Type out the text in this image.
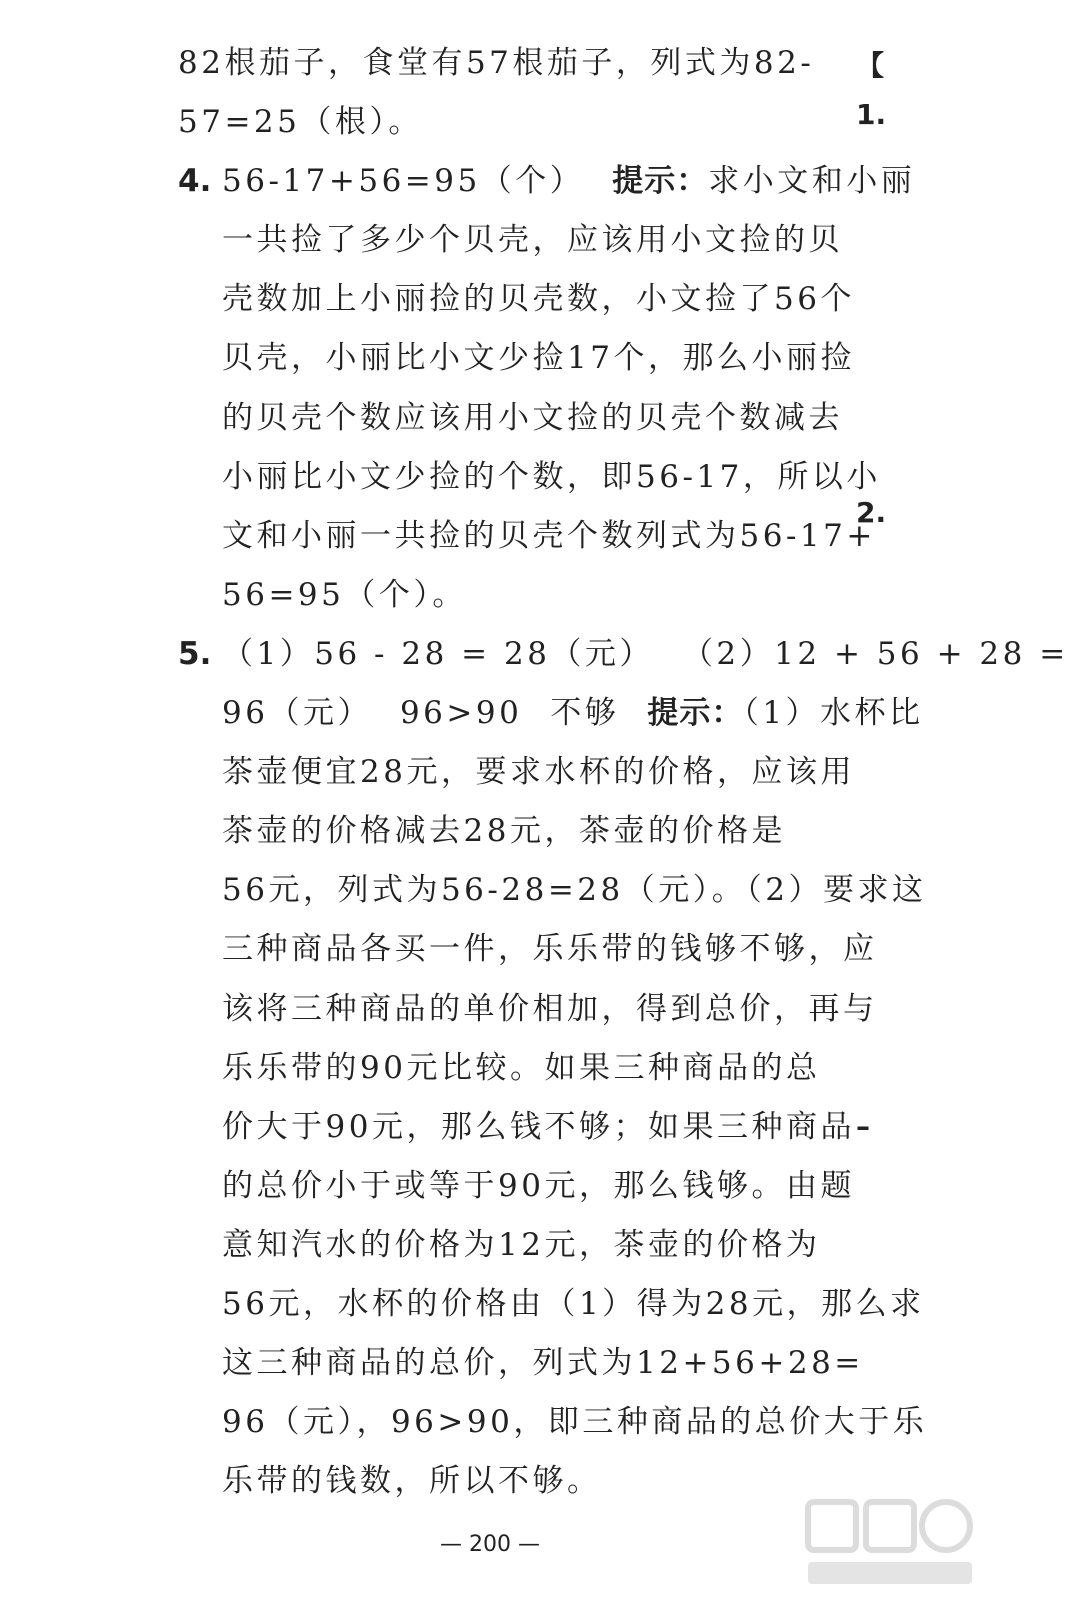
82根茄子，食堂有57根茄子，列式为82-
57=25（根）。
4. 56-17+56=95（个） 提示：求小文和小丽
一共捡了多少个贝壳，应该用小文捡的贝
壳数加上小丽捡的贝壳数，小文捡了56个
贝壳，小丽比小文少捡17个，那么小丽捡
的贝壳个数应该用小文捡的贝壳个数减去
小丽比小文少捡的个数，即56-17，所以小
文和小丽一共捡的贝壳个数列式为56-17+
56=95（个）。
5. （1）56 - 28 = 28（元） （2）12 + 56 + 28 =
96（元） 96>90 不够 提示：（1）水杯比
茶壶便宜28元，要求水杯的价格，应该用
茶壶的价格减去28元，茶壶的价格是
56元，列式为56-28=28（元）。（2）要求这
三种商品各买一件，乐乐带的钱够不够，应
该将三种商品的单价相加，得到总价，再与
乐乐带的90元比较。如果三种商品的总
价大于90元，那么钱不够；如果三种商品
的总价小于或等于90元，那么钱够。由题
意知汽水的价格为12元，茶壶的价格为
56元，水杯的价格由（1）得为28元，那么求
这三种商品的总价，列式为12+56+28=
96（元），96>90，即三种商品的总价大于乐
乐带的钱数，所以不够。
【
1.
2.
–
— 200 —
